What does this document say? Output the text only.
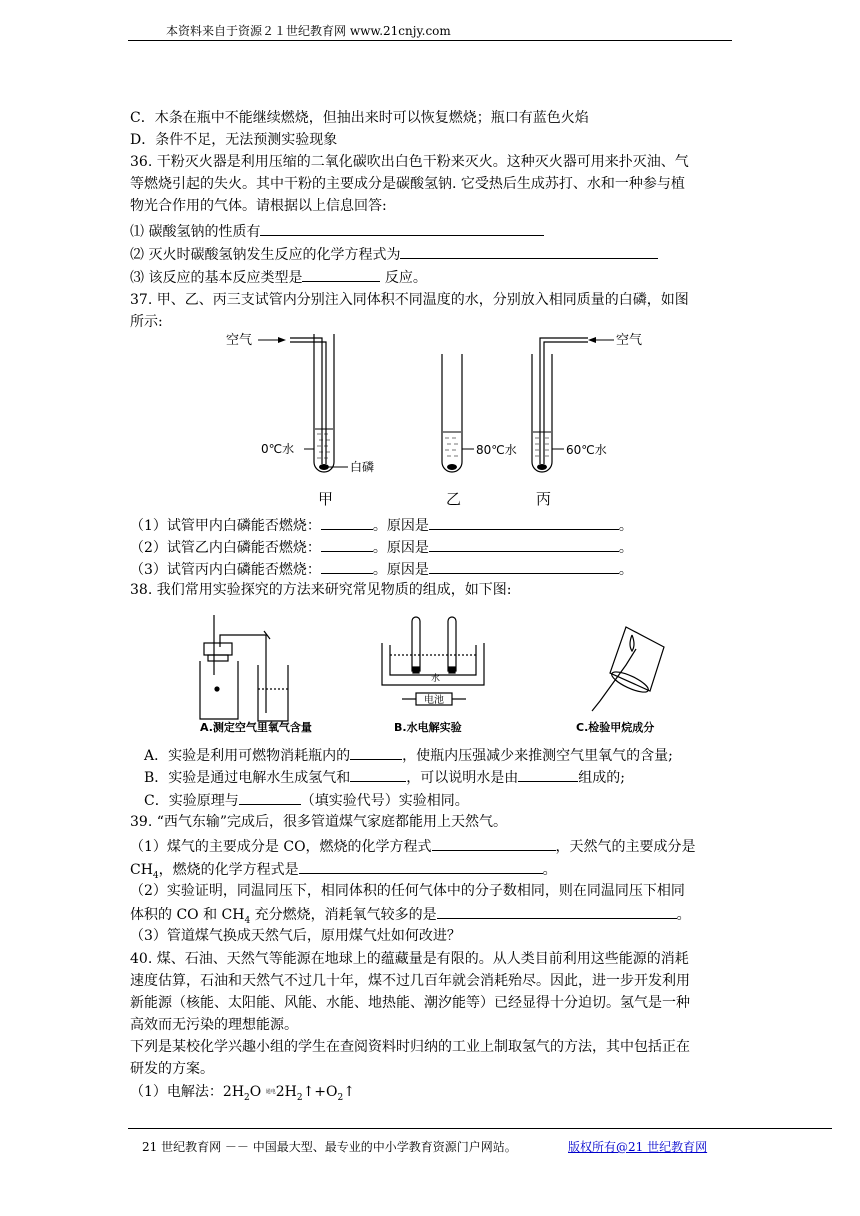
本资料来自于资源２１世纪教育网 www.21cnjy.com
C．木条在瓶中不能继续燃烧，但抽出来时可以恢复燃烧；瓶口有蓝色火焰
D．条件不足，无法预测实验现象
36. 干粉灭火器是利用压缩的二氧化碳吹出白色干粉来灭火。这种灭火器可用来扑灭油、气
等燃烧引起的失火。其中干粉的主要成分是碳酸氢钠. 它受热后生成苏打、水和一种参与植
物光合作用的气体。请根据以上信息回答:
⑴ 碳酸氢钠的性质有
⑵ 灭火时碳酸氢钠发生反应的化学方程式为
⑶ 该反应的基本反应类型是	反应。
37. 甲、乙、丙三支试管内分别注入同体积不同温度的水，分别放入相同质量的白磷，如图
所示:
空气
0℃水
白磷
甲
80℃水
乙
空气
60℃水
丙
（1）试管甲内白磷能否燃烧：	。原因是	。
（2）试管乙内白磷能否燃烧：	。原因是	。
（3）试管丙内白磷能否燃烧：	。原因是	。
38. 我们常用实验探究的方法来研究常见物质的组成，如下图:
A.测定空气里氧气含量
水
电池
B.水电解实验	C.检验甲烷成分
A．实验是利用可燃物消耗瓶内的	，使瓶内压强减少来推测空气里氧气的含量;
B．实验是通过电解水生成氢气和	，可以说明水是由	组成的;
C．实验原理与	（填实验代号）实验相同。
39. “西气东输”完成后，很多管道煤气家庭都能用上天然气。
（1）煤气的主要成分是 CO，燃烧的化学方程式	，天然气的主要成分是
$CH_4$，燃烧的化学方程式是	。
（2）实验证明，同温同压下，相同体积的任何气体中的分子数相同，则在同温同压下相同
体积的 CO 和 $CH_4$ 充分燃烧，消耗氧气较多的是	。
（3）管道煤气换成天然气后，原用煤气灶如何改进？
40. 煤、石油、天然气等能源在地球上的蕴藏量是有限的。从人类目前利用这些能源的消耗
速度估算，石油和天然气不过几十年，煤不过几百年就会消耗殆尽。因此，进一步开发利用
新能源（核能、太阳能、风能、水能、地热能、潮汐能等）已经显得十分迫切。氢气是一种
高效而无污染的理想能源。
下列是某校化学兴趣小组的学生在查阅资料时归纳的工业上制取氢气的方法，其中包括正在
研发的方案。
（1）电解法：$2H_2O$ $^{通电}2H_2↑+O_2↑$
21 世纪教育网 －－ 中国最大型、最专业的中小学教育资源门户网站。	版权所有@21 世纪教育网
